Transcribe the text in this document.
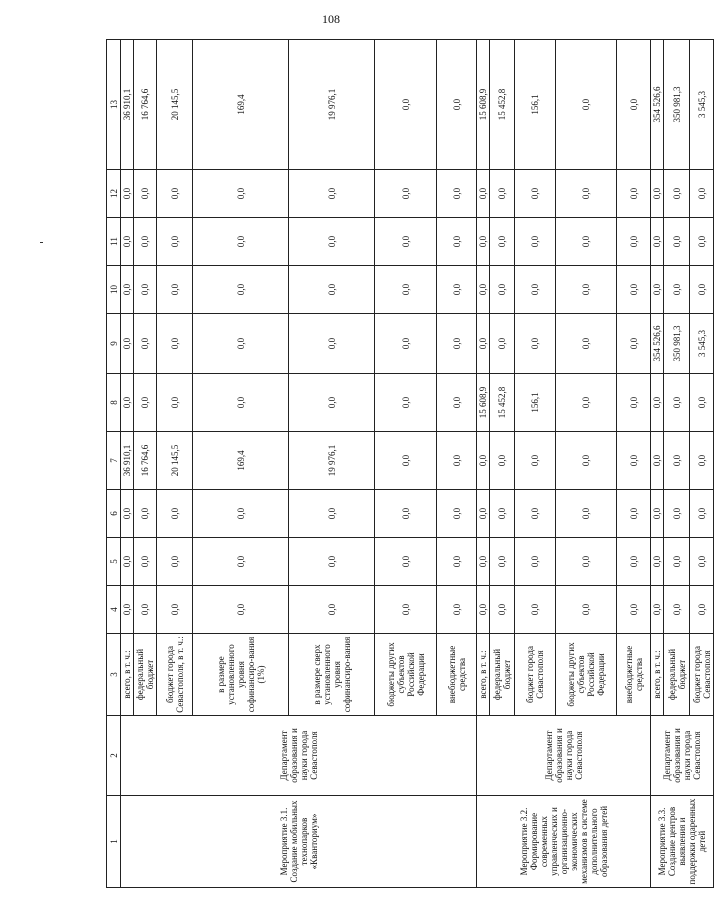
108
1	2	3	4	5	6	7	8	9	10	11	12	13
Мероприятие 3.1. Создание мобильных технопарков «Кванториум»	Департамент образования и науки города Севастополя	всего, в т. ч.:	0,0	0,0	0,0	36 910,1	0,0	0,0	0,0	0,0	0,0	36 910,1
		федеральный бюджет	0,0	0,0	0,0	16 764,6	0,0	0,0	0,0	0,0	0,0	16 764,6
		бюджет города Севастополя, в т. ч.:	0,0	0,0	0,0	20 145,5	0,0	0,0	0,0	0,0	0,0	20 145,5
		в размере установленного уровня софинансиро-вания (1%)	0,0	0,0	0,0	169,4	0,0	0,0	0,0	0,0	0,0	169,4
		в размере сверх установленного уровня софинансиро-вания	0,0	0,0	0,0	19 976,1	0,0	0,0	0,0	0,0	0,0	19 976,1
		бюджеты других субъектов Российской Федерации	0,0	0,0	0,0	0,0	0,0	0,0	0,0	0,0	0,0	0,0
		внебюджетные средства	0,0	0,0	0,0	0,0	0,0	0,0	0,0	0,0	0,0	0,0
Мероприятие 3.2. Формирование современных управленческих и организационно-экономических механизмов в системе дополнительного образования детей	Департамент образования и науки города Севастополя	всего, в т. ч.:	0,0	0,0	0,0	0,0	15 608,9	0,0	0,0	0,0	0,0	15 608,9
		федеральный бюджет	0,0	0,0	0,0	0,0	15 452,8	0,0	0,0	0,0	0,0	15 452,8
		бюджет города Севастополя	0,0	0,0	0,0	0,0	156,1	0,0	0,0	0,0	0,0	156,1
		бюджеты других субъектов Российской Федерации	0,0	0,0	0,0	0,0	0,0	0,0	0,0	0,0	0,0	0,0
		внебюджетные средства	0,0	0,0	0,0	0,0	0,0	0,0	0,0	0,0	0,0	0,0
Мероприятие 3.3. Создание центров выявления и поддержки одаренных детей	Департамент образования и науки города Севастополя	всего, в т. ч.:	0,0	0,0	0,0	0,0	0,0	354 526,6	0,0	0,0	0,0	354 526,6
		федеральный бюджет	0,0	0,0	0,0	0,0	0,0	350 981,3	0,0	0,0	0,0	350 981,3
		бюджет города Севастополя	0,0	0,0	0,0	0,0	0,0	3 545,3	0,0	0,0	0,0	3 545,3
